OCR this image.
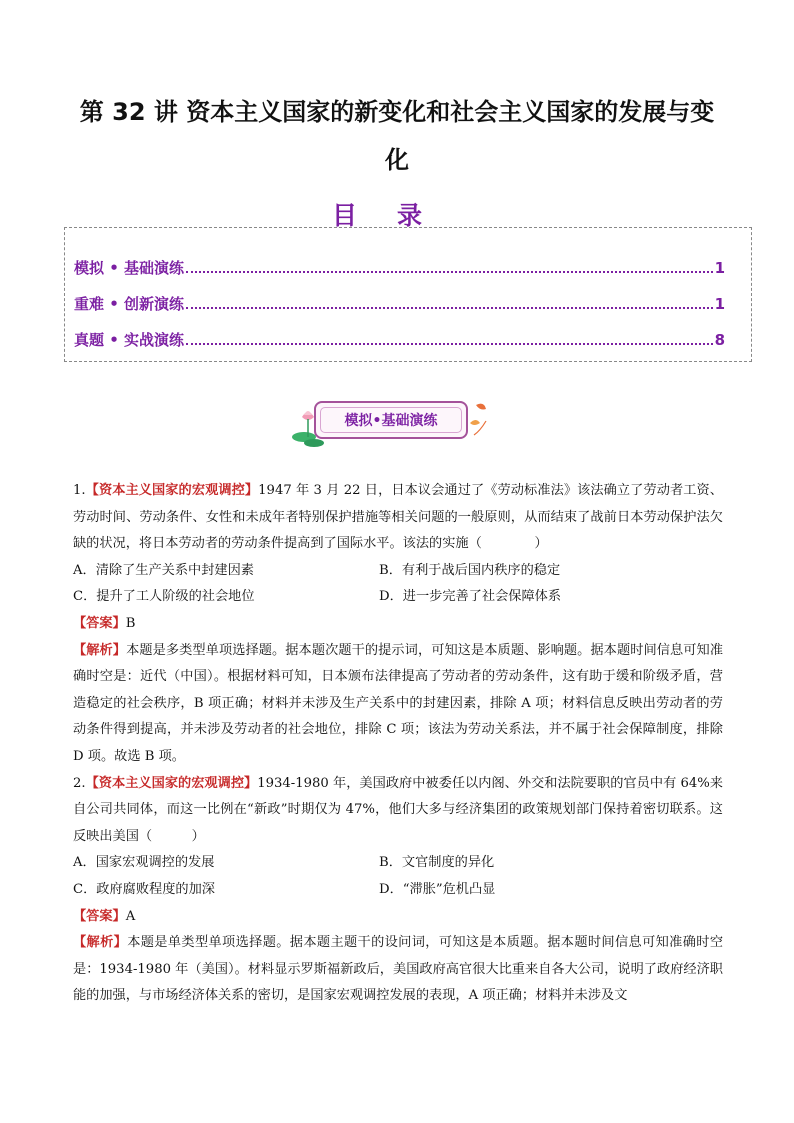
第 32 讲 资本主义国家的新变化和社会主义国家的发展与变
化
目录
模拟 • 基础演练	1
重难 • 创新演练	1
真题 • 实战演练	8
模拟•基础演练

1.【资本主义国家的宏观调控】1947 年 3 月 22 日，日本议会通过了《劳动标准法》该法确立了劳动者工资、劳动时间、劳动条件、女性和未成年者特别保护措施等相关问题的一般原则，从而结束了战前日本劳动保护法欠缺的状况，将日本劳动者的劳动条件提高到了国际水平。该法的实施（　　　　）

A．清除了生产关系中封建因素	B．有利于战后国内秩序的稳定
C．提升了工人阶级的社会地位	D．进一步完善了社会保障体系

【答案】B

【解析】本题是多类型单项选择题。据本题次题干的提示词，可知这是本质题、影响题。据本题时间信息可知准确时空是：近代（中国）。根据材料可知，日本颁布法律提高了劳动者的劳动条件，这有助于缓和阶级矛盾，营造稳定的社会秩序，B 项正确；材料并未涉及生产关系中的封建因素，排除 A 项；材料信息反映出劳动者的劳动条件得到提高，并未涉及劳动者的社会地位，排除 C 项；该法为劳动关系法，并不属于社会保障制度，排除 D 项。故选 B 项。

2.【资本主义国家的宏观调控】1934-1980 年，美国政府中被委任以内阁、外交和法院要职的官员中有 64%来自公司共同体，而这一比例在“新政”时期仅为 47%，他们大多与经济集团的政策规划部门保持着密切联系。这反映出美国（　　　）

A．国家宏观调控的发展	B．文官制度的异化
C．政府腐败程度的加深	D．“滞胀”危机凸显

【答案】A

【解析】本题是单类型单项选择题。据本题主题干的设问词，可知这是本质题。据本题时间信息可知准确时空是：1934-1980 年（美国）。材料显示罗斯福新政后，美国政府高官很大比重来自各大公司，说明了政府经济职能的加强，与市场经济体关系的密切，是国家宏观调控发展的表现，A 项正确；材料并未涉及文
